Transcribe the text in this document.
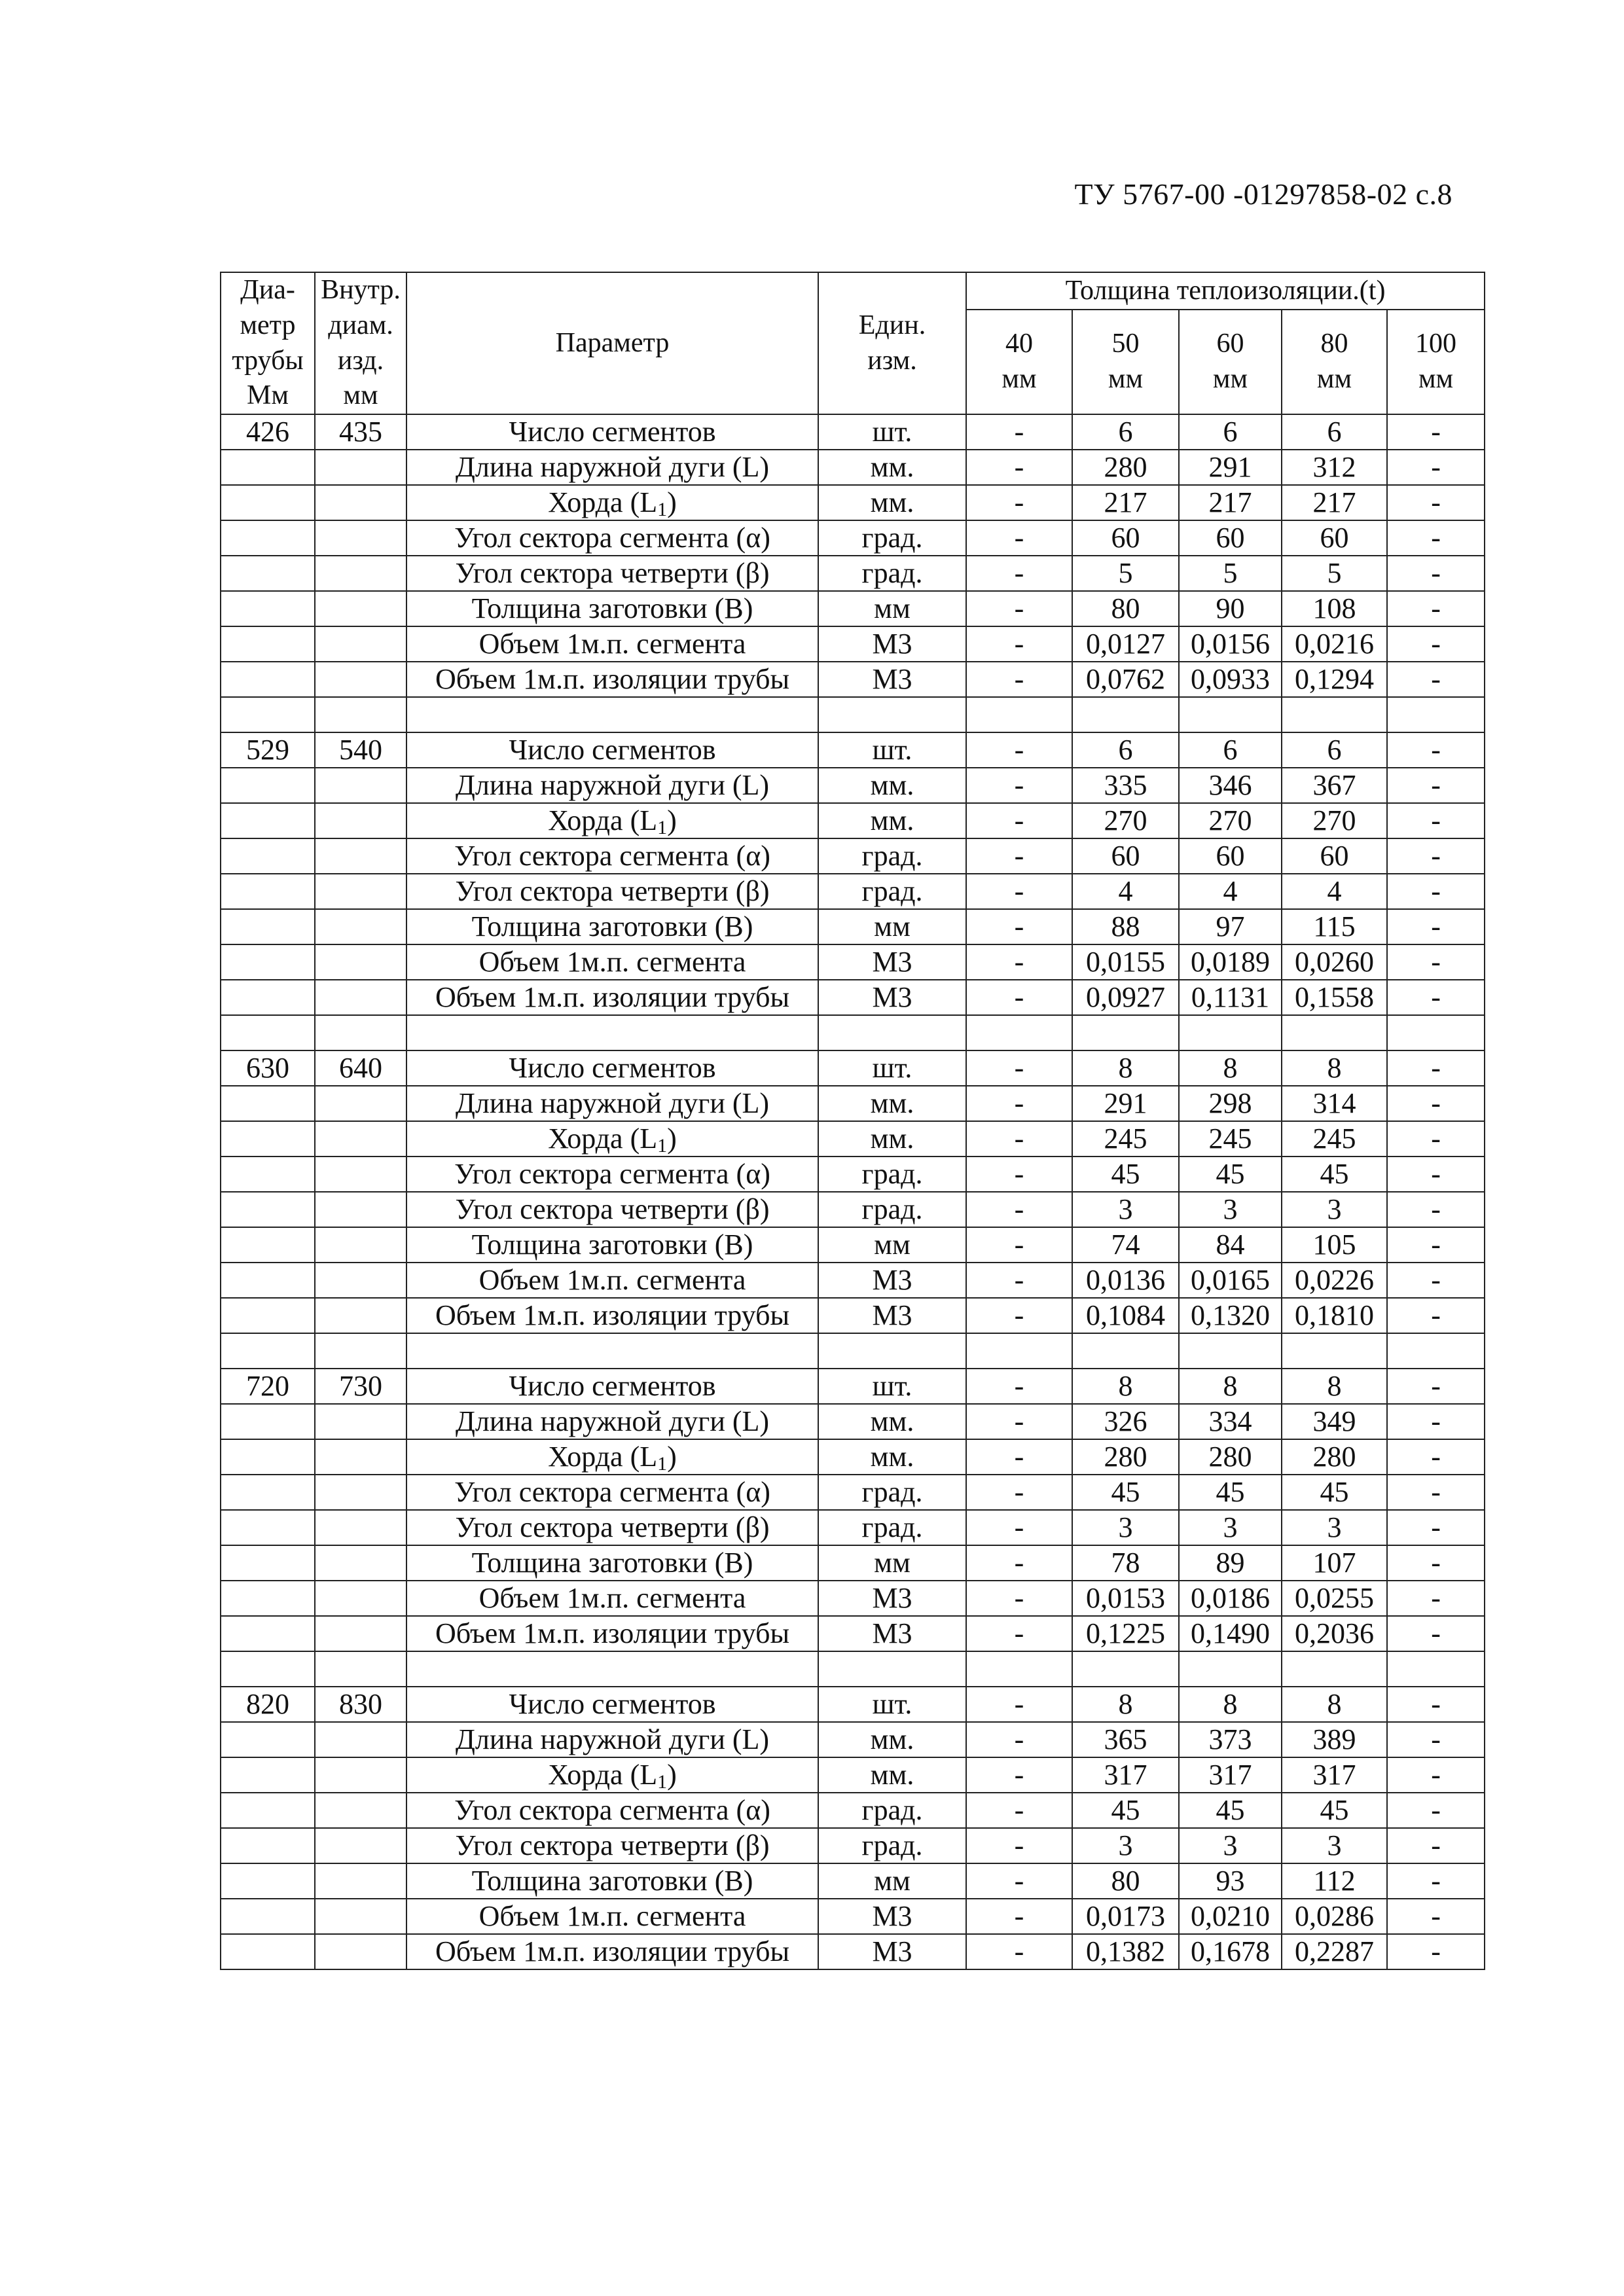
ТУ 5767-00 -01297858-02 с.8
Диа-
метр
трубы
Мм	Внутр.
диам.
изд.
мм	Параметр	Един.
изм.	Толщина теплоизоляции.(t)				
				40
мм	50
мм	60
мм	80
мм	100
мм
426	435	Число сегментов	шт.	-	6	6	6	-
		Длина наружной дуги (L)	мм.	-	280	291	312	-
		Хорда $(L_1)$	мм.	-	217	217	217	-
		Угол сектора сегмента (α)	град.	-	60	60	60	-
		Угол сектора четверти (β)	град.	-	5	5	5	-
		Толщина заготовки (В)	мм	-	80	90	108	-
		Объем 1м.п. сегмента	М3	-	0,0127	0,0156	0,0216	-
		Объем 1м.п. изоляции трубы	М3	-	0,0762	0,0933	0,1294	-

529	540	Число сегментов	шт.	-	6	6	6	-
		Длина наружной дуги (L)	мм.	-	335	346	367	-
		Хорда $(L_1)$	мм.	-	270	270	270	-
		Угол сектора сегмента (α)	град.	-	60	60	60	-
		Угол сектора четверти (β)	град.	-	4	4	4	-
		Толщина заготовки (В)	мм	-	88	97	115	-
		Объем 1м.п. сегмента	М3	-	0,0155	0,0189	0,0260	-
		Объем 1м.п. изоляции трубы	М3	-	0,0927	0,1131	0,1558	-

630	640	Число сегментов	шт.	-	8	8	8	-
		Длина наружной дуги (L)	мм.	-	291	298	314	-
		Хорда $(L_1)$	мм.	-	245	245	245	-
		Угол сектора сегмента (α)	град.	-	45	45	45	-
		Угол сектора четверти (β)	град.	-	3	3	3	-
		Толщина заготовки (В)	мм	-	74	84	105	-
		Объем 1м.п. сегмента	М3	-	0,0136	0,0165	0,0226	-
		Объем 1м.п. изоляции трубы	М3	-	0,1084	0,1320	0,1810	-

720	730	Число сегментов	шт.	-	8	8	8	-
		Длина наружной дуги (L)	мм.	-	326	334	349	-
		Хорда $(L_1)$	мм.	-	280	280	280	-
		Угол сектора сегмента (α)	град.	-	45	45	45	-
		Угол сектора четверти (β)	град.	-	3	3	3	-
		Толщина заготовки (В)	мм	-	78	89	107	-
		Объем 1м.п. сегмента	М3	-	0,0153	0,0186	0,0255	-
		Объем 1м.п. изоляции трубы	М3	-	0,1225	0,1490	0,2036	-

820	830	Число сегментов	шт.	-	8	8	8	-
		Длина наружной дуги (L)	мм.	-	365	373	389	-
		Хорда $(L_1)$	мм.	-	317	317	317	-
		Угол сектора сегмента (α)	град.	-	45	45	45	-
		Угол сектора четверти (β)	град.	-	3	3	3	-
		Толщина заготовки (В)	мм	-	80	93	112	-
		Объем 1м.п. сегмента	М3	-	0,0173	0,0210	0,0286	-
		Объем 1м.п. изоляции трубы	М3	-	0,1382	0,1678	0,2287	-
